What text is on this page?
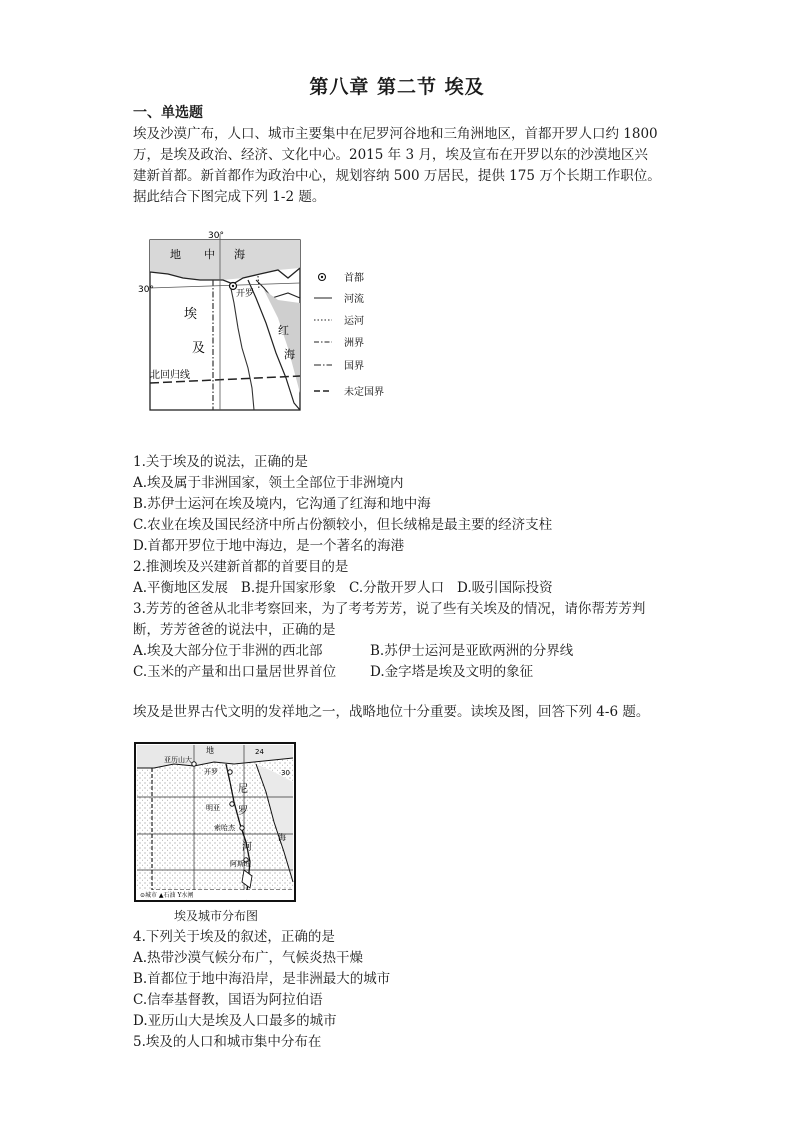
第八章 第二节 埃及
一、单选题
埃及沙漠广布，人口、城市主要集中在尼罗河谷地和三角洲地区，首都开罗人口约 1800
万，是埃及政治、经济、文化中心。2015 年 3 月，埃及宣布在开罗以东的沙漠地区兴
建新首都。新首都作为政治中心，规划容纳 500 万居民，提供 175 万个长期工作职位。
据此结合下图完成下列 1-2 题。
30°
30°
地 中 海
埃
及
开罗
红
海
北回归线
首都
河流
运河
洲界
国界
未定国界
1.关于埃及的说法，正确的是
A.埃及属于非洲国家，领土全部位于非洲境内
B.苏伊士运河在埃及境内，它沟通了红海和地中海
C.农业在埃及国民经济中所占份额较小，但长绒棉是最主要的经济支柱
D.首都开罗位于地中海边，是一个著名的海港
2.推测埃及兴建新首都的首要目的是
A.平衡地区发展   B.提升国家形象   C.分散开罗人口   D.吸引国际投资
3.芳芳的爸爸从北非考察回来，为了考考芳芳，说了些有关埃及的情况，请你帮芳芳判
断，芳芳爸爸的说法中，正确的是
A.埃及大部分位于非洲的西北部	B.苏伊士运河是亚欧两洲的分界线
C.玉米的产量和出口量居世界首位	D.金字塔是埃及文明的象征
埃及是世界古代文明的发祥地之一，战略地位十分重要。读埃及图，回答下列 4-6 题。
地	24
30
亚历山大
开罗
明亚
索哈杰
阿斯旺
尼
罗
河
海
⊙城市 ▲石油 Y水闸
埃及城市分布图
4.下列关于埃及的叙述，正确的是
A.热带沙漠气候分布广，气候炎热干燥
B.首都位于地中海沿岸，是非洲最大的城市
C.信奉基督教，国语为阿拉伯语
D.亚历山大是埃及人口最多的城市
5.埃及的人口和城市集中分布在
